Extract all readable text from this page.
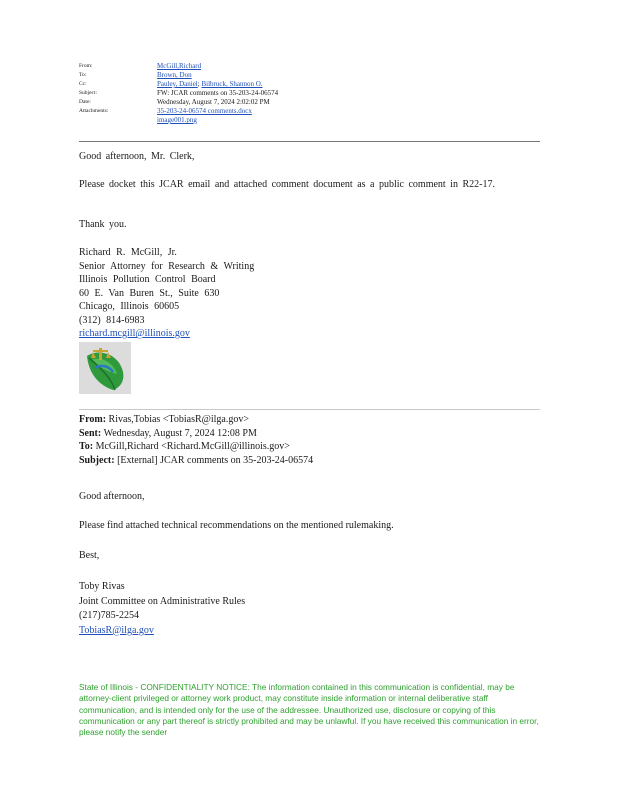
From:	McGill,Richard
To:	Brown, Don
Cc:	Pauley, Daniel; Bilbruck, Shannon O.
Subject:	FW: JCAR comments on 35-203-24-06574
Date:	Wednesday, August 7, 2024 2:02:02 PM
Attachments:	35-203-24-06574 comments.docx
image001.png
Good afternoon, Mr. Clerk,
Please docket this JCAR email and attached comment document as a public comment in R22-17.
Thank you.
Richard R. McGill, Jr.
Senior Attorney for Research & Writing
Illinois Pollution Control Board
60 E. Van Buren St., Suite 630
Chicago, Illinois 60605
(312) 814-6983
richard.mcgill@illinois.gov
From: Rivas,Tobias <TobiasR@ilga.gov>
Sent: Wednesday, August 7, 2024 12:08 PM
To: McGill,Richard <Richard.McGill@illinois.gov>
Subject: [External] JCAR comments on 35-203-24-06574
Good afternoon,
Please find attached technical recommendations on the mentioned rulemaking.
Best,
Toby Rivas
Joint Committee on Administrative Rules
(217)785-2254
TobiasR@ilga.gov
State of Illinois - CONFIDENTIALITY NOTICE: The information contained in this communication is confidential, may be attorney-client privileged or attorney work product, may constitute inside information or internal deliberative staff communication, and is intended only for the use of the addressee. Unauthorized use, disclosure or copying of this communication or any part thereof is strictly prohibited and may be unlawful. If you have received this communication in error, please notify the sender
